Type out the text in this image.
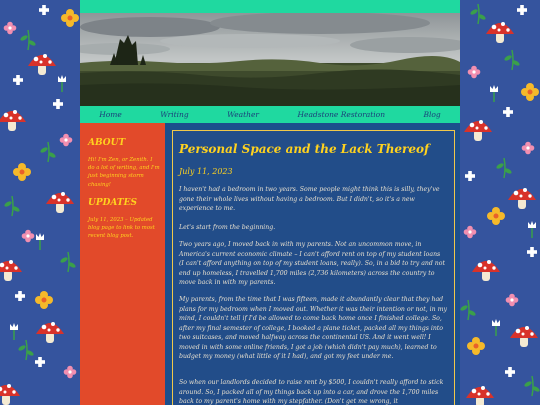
Home	Writing	Weather	Headstone Restoration	Blog
ABOUT

Hi! I'm Zen, or Zenith. I do a lot of writing, and I'm just beginning storm chasing!

UPDATES

July 11, 2023 – Updated blog page to link to most recent blog post.

Personal Space and the Lack Thereof

July 11, 2023

I haven't had a bedroom in two years. Some people might think this is silly, they've gone their whole lives without having a bedroom. But I didn't, so it's a new experience to me.

Let's start from the beginning.

Two years ago, I moved back in with my parents. Not an uncommon move, in America's current economic climate – I can't afford rent on top of my student loans (I can't afford anything on top of my student loans, really). So, in a bid to try and not end up homeless, I travelled 1,700 miles (2,736 kilometers) across the country to move back in with my parents.

My parents, from the time that I was fifteen, made it abundantly clear that they had plans for my bedroom when I moved out. Whether it was their intention or not, in my mind, I couldn't tell if I'd be allowed to come back home once I finished college. So, after my final semester of college, I booked a plane ticket, packed all my things into two suitcases, and moved halfway across the continental US. And it went well! I moved in with some online friends, I got a job (which didn't pay much), learned to budget my money (what little of it I had), and got my feet under me.

So when our landlords decided to raise rent by $500, I couldn't really afford to stick around. So, I packed all of my things back up into a car, and drove the 1,700 miles back to my parent's home with my stepfather. (Don't get me wrong, it
